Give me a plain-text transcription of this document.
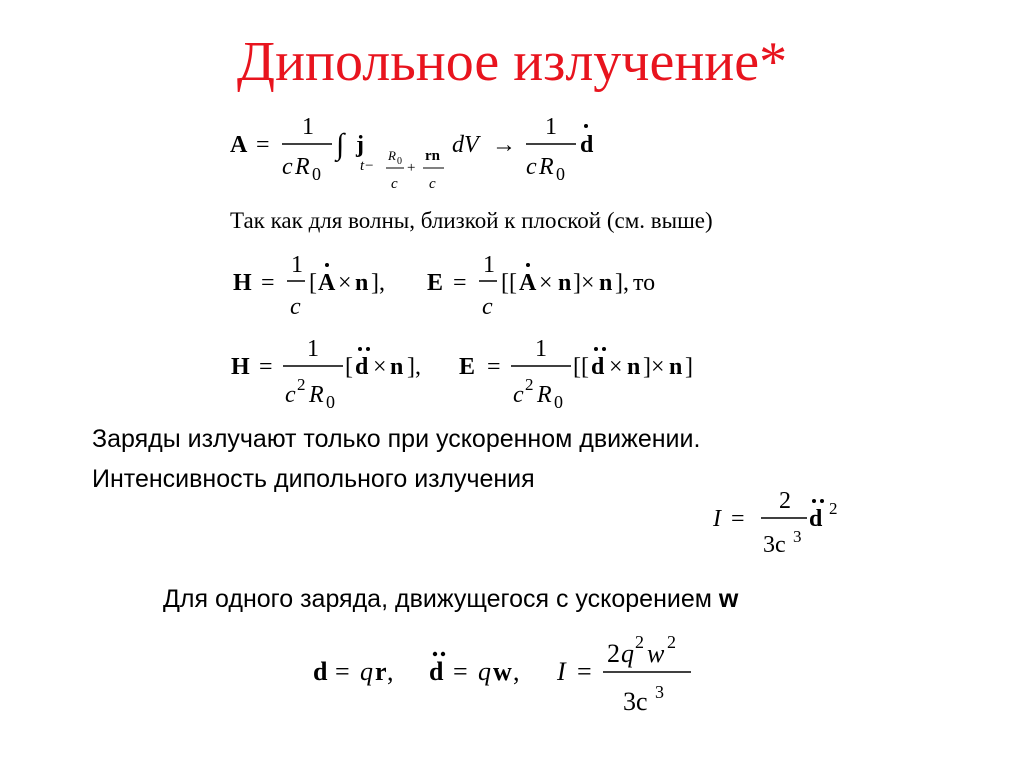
Дипольное излучение*
A =
1
c R 0
∫ j
t−
R 0
c
+
rn
c
dV →
1
c R 0
d
Так как для волны, близкой к плоской (см. выше)
H =
1
c
[ A × n ], E =
1
c
[[ A × n ]× n ], то
H =
1
c 2 R 0
[ d × n ], E =
1
c 2 R 0
[[ d × n ]× n ]
Заряды излучают только при ускоренном движении.
Интенсивность дипольного излучения
I =
2
3c 3
d 2
Для одного заряда, движущегося с ускорением w
d = q r , d = q w , I =
2 q 2 w 2
3c 3
